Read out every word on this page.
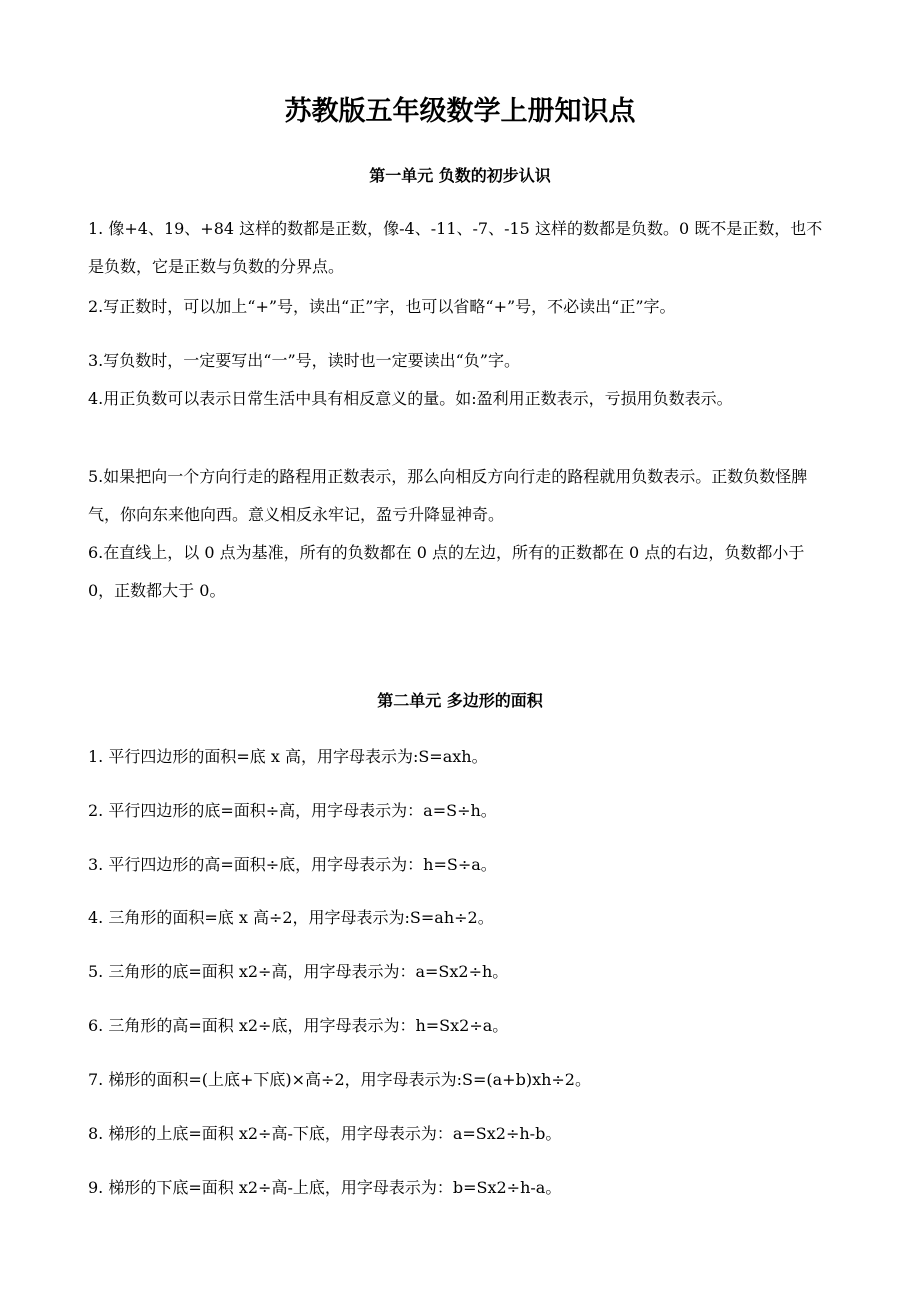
苏教版五年级数学上册知识点
第一单元 负数的初步认识
1. 像+4、19、+84 这样的数都是正数，像-4、-11、-7、-15 这样的数都是负数。0 既不是正数，也不是负数，它是正数与负数的分界点。
2.写正数时，可以加上“+”号，读出“正”字，也可以省略“+”号，不必读出“正”字。
3.写负数时，一定要写出“一”号，读时也一定要读出“负”字。
4.用正负数可以表示日常生活中具有相反意义的量。如:盈利用正数表示，亏损用负数表示。
5.如果把向一个方向行走的路程用正数表示，那么向相反方向行走的路程就用负数表示。正数负数怪脾气，你向东来他向西。意义相反永牢记，盈亏升降显神奇。
6.在直线上，以 0 点为基准，所有的负数都在 0 点的左边，所有的正数都在 0 点的右边，负数都小于 0，正数都大于 0。
第二单元 多边形的面积
1. 平行四边形的面积=底 x 高，用字母表示为:S=axh。
2. 平行四边形的底=面积÷高，用字母表示为：a=S÷h。
3. 平行四边形的高=面积÷底，用字母表示为：h=S÷a。
4. 三角形的面积=底 x 高÷2，用字母表示为:S=ah÷2。
5. 三角形的底=面积 x2÷高，用字母表示为：a=Sx2÷h。
6. 三角形的高=面积 x2÷底，用字母表示为：h=Sx2÷a。
7. 梯形的面积=(上底+下底)×高÷2，用字母表示为:S=(a+b)xh÷2。
8. 梯形的上底=面积 x2÷高-下底，用字母表示为：a=Sx2÷h-b。
9. 梯形的下底=面积 x2÷高-上底，用字母表示为：b=Sx2÷h-a。
